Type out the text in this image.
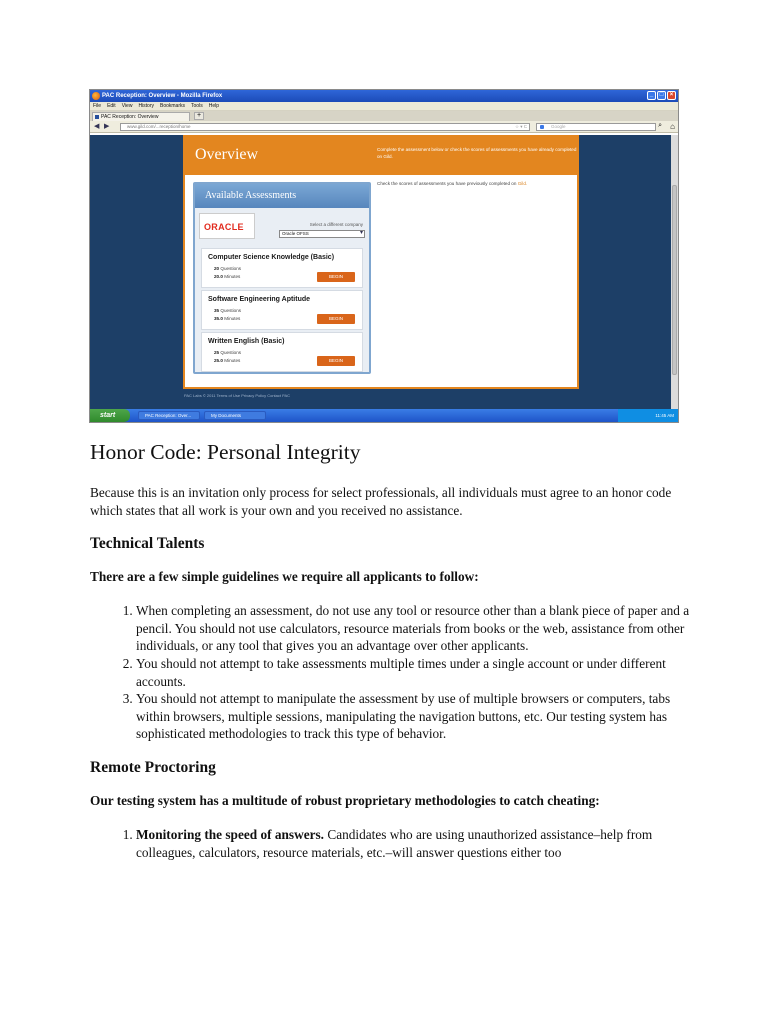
PAC Reception: Overview - Mozilla Firefox	_	□	×
File Edit View History Bookmarks Tools Help
PAC Reception: Overview	+
◀ ▶	www.gild.com/...reception/home	☆ ▾ C	Google	⌕ ⌂
Overview	Complete the assessment below or check the scores of assessments you have already completed on Gild.
Check the scores of assessments you have previously completed on Gild.
Available Assessments
ORACLE	Select a different company
Oracle OFSS ▾
Computer Science Knowledge (Basic)
20 Questions
20.0 Minutes	BEGIN
Software Engineering Aptitude
35 Questions
35.0 Minutes	BEGIN
Written English (Basic)
25 Questions
25.0 Minutes	BEGIN
PAC Labs © 2011 Terms of Use Privacy Policy Contact PAC
start	PAC Reception: Over...	My Documents	11:45 AM
Honor Code: Personal Integrity

Because this is an invitation only process for select professionals, all individuals must agree to an honor code which states that all work is your own and you received no assistance.

Technical Talents

There are a few simple guidelines we require all applicants to follow:

1. When completing an assessment, do not use any tool or resource other than a blank piece of paper and a pencil. You should not use calculators, resource materials from books or the web, assistance from other individuals, or any tool that gives you an advantage over other applicants.
2. You should not attempt to take assessments multiple times under a single account or under different accounts.
3. You should not attempt to manipulate the assessment by use of multiple browsers or computers, tabs within browsers, multiple sessions, manipulating the navigation buttons, etc. Our testing system has sophisticated methodologies to track this type of behavior.
Remote Proctoring

Our testing system has a multitude of robust proprietary methodologies to catch cheating:

1. Monitoring the speed of answers. Candidates who are using unauthorized assistance–help from colleagues, calculators, resource materials, etc.–will answer questions either too
